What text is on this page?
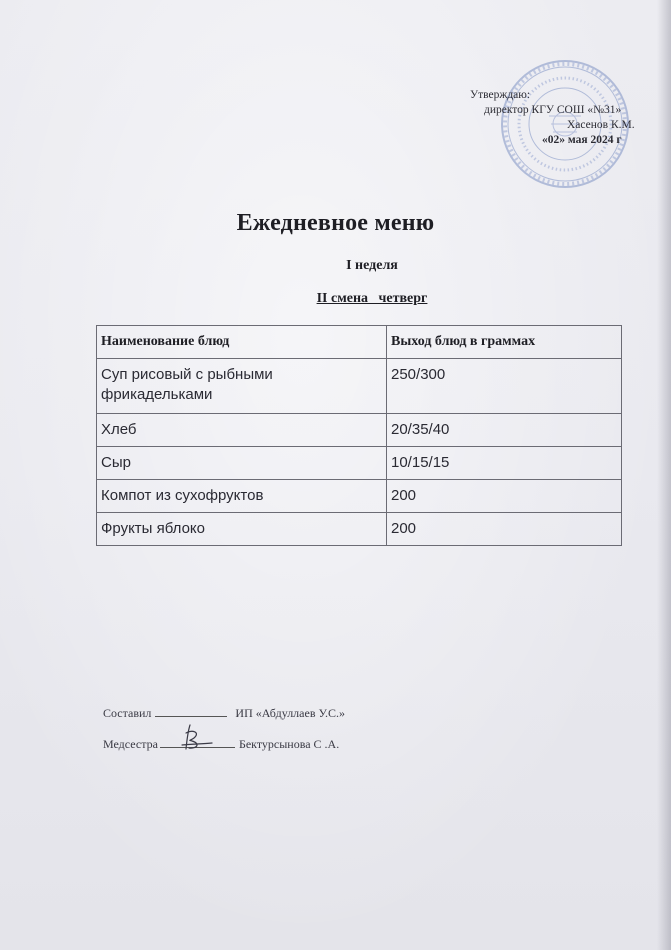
Утверждаю:
директор КГУ СОШ «№31»
Хасенов К.М.
«02» мая 2024 г
Ежедневное меню
I неделя
II смена   четверг
Наименование блюд	Выход блюд в граммах
Суп рисовый с рыбными фрикадельками	250/300
Хлеб	20/35/40
Сыр	10/15/15
Компот из сухофруктов	200
Фрукты яблоко	200
Составил	ИП «Абдуллаев У.С.»
Медсестра	Бектурсынова С .А.
